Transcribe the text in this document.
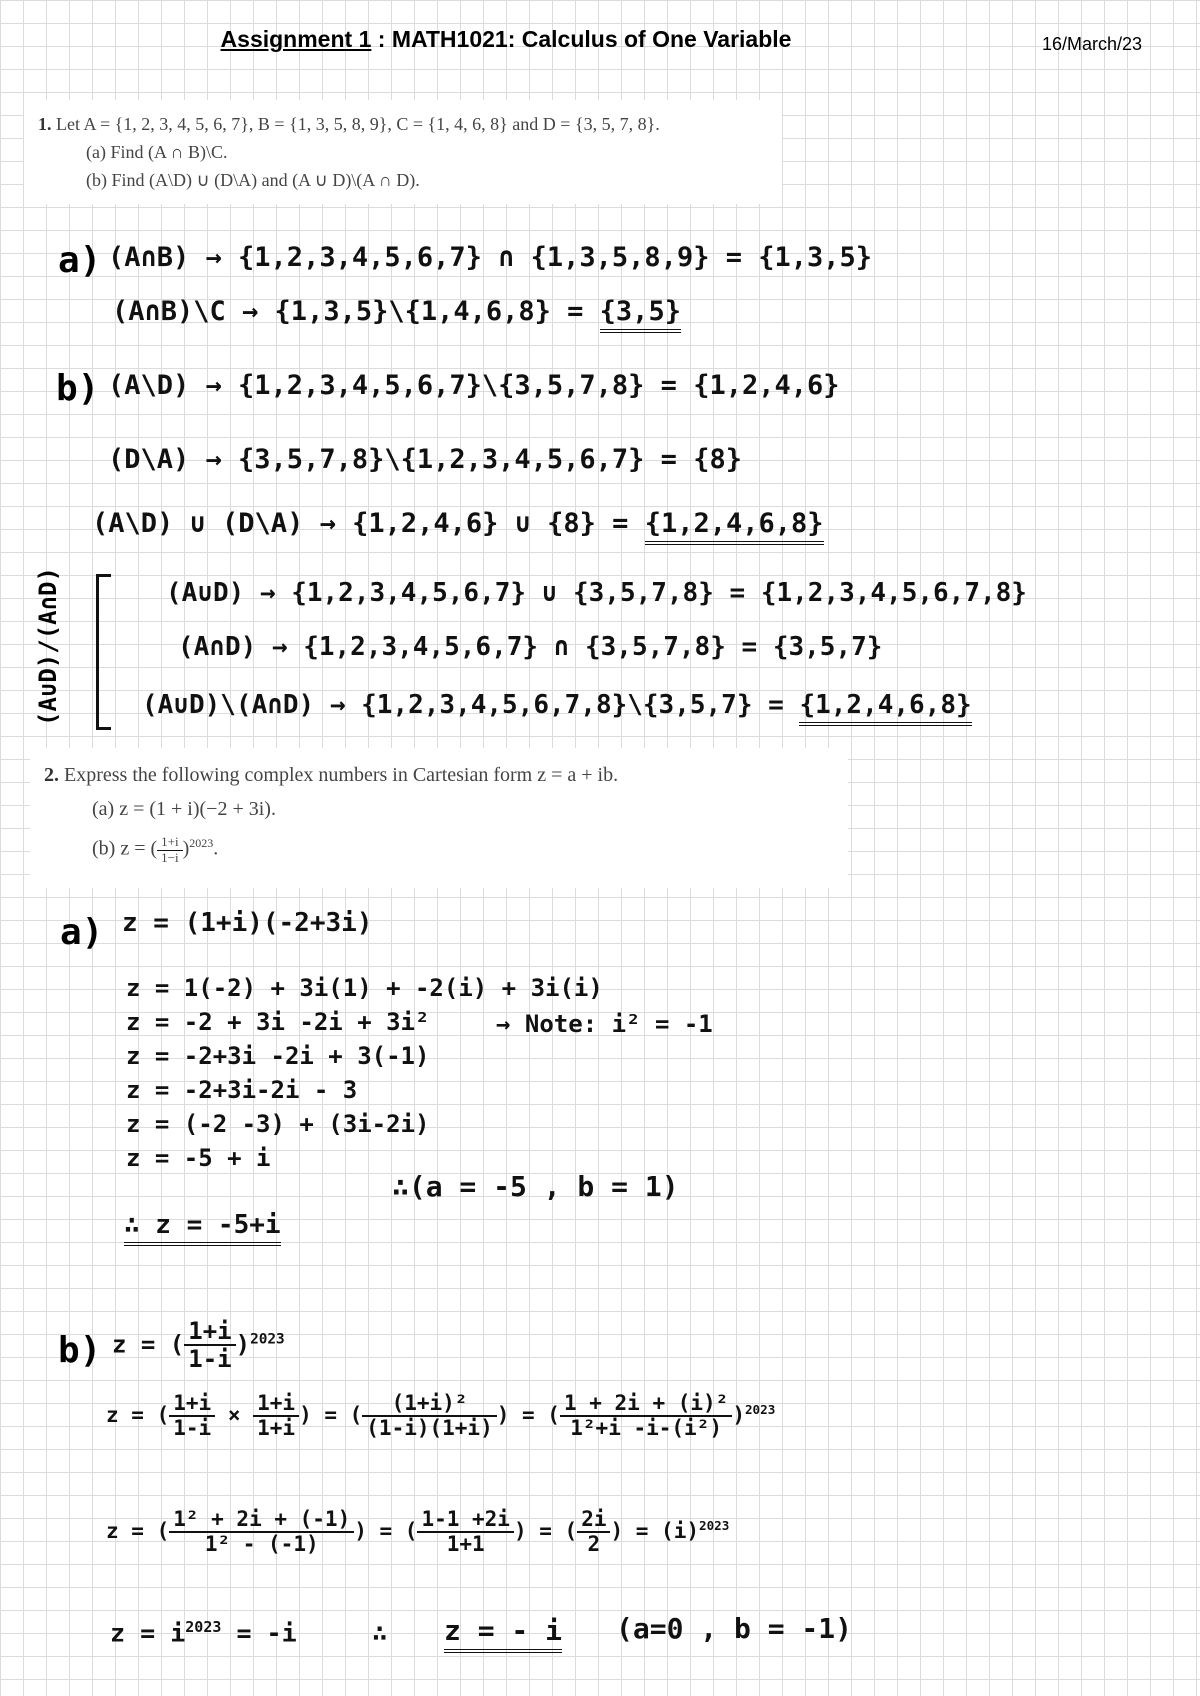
Assignment 1 : MATH1021: Calculus of One Variable	16/March/23
1. Let A = {1, 2, 3, 4, 5, 6, 7}, B = {1, 3, 5, 8, 9}, C = {1, 4, 6, 8} and D = {3, 5, 7, 8}.
(a) Find (A ∩ B)\C.
(b) Find (A\D) ∪ (D\A) and (A ∪ D)\(A ∩ D).
a) (A∩B) → {1,2,3,4,5,6,7} ∩ {1,3,5,8,9} = {1,3,5}
(A∩B)\C → {1,3,5}\{1,4,6,8} = {3,5}
b) (A\D) → {1,2,3,4,5,6,7}\{3,5,7,8} = {1,2,4,6}
(D\A) → {3,5,7,8}\{1,2,3,4,5,6,7} = {8}
(A\D) ∪ (D\A) → {1,2,4,6} ∪ {8} = {1,2,4,6,8}
(A∪D)/(A∩D)	(A∪D) → {1,2,3,4,5,6,7} ∪ {3,5,7,8} = {1,2,3,4,5,6,7,8}
(A∩D) → {1,2,3,4,5,6,7} ∩ {3,5,7,8} = {3,5,7}
(A∪D)\(A∩D) → {1,2,3,4,5,6,7,8}\{3,5,7} = {1,2,4,6,8}
2. Express the following complex numbers in Cartesian form z = a + ib.
(a) z = (1 + i)(−2 + 3i).
(b) z = ( $\frac{1+i}{1-i} )^{2023}$.
a) z = (1+i)(-2+3i)
z = 1(-2) + 3i(1) + -2(i) + 3i(i)
z = -2 + 3i -2i + 3i²	→ Note: i² = -1
z = -2+3i -2i + 3(-1)
z = -2+3i-2i - 3
z = (-2 -3) + (3i-2i)
z = -5 + i
∴(a = -5 , b = 1)
∴ z = -5+i
b) z = ( $\frac{1+i}{1-i} )^{2023}$
z = ( $\frac{1+i}{1-i} \times \frac{1+i}{1+i}$ ) = ( $\frac{\text{(1+i)²}}{(1-i)(1+i)}$ ) = ( $\frac{\text{1 + 2i + (i)²}}{\text{1²+i -i-(i²)}} )^{2023}$
z = ( $\frac{\text{1² + 2i + (-1)}}{\text{1² - (-1)}}$ ) = ( $\frac{1-1 +2i}{1+1}$ ) = ( $\frac{2i}{2}$ ) = $(i)^{2023}$
$z = i^{2023} = -i$	∴ z = - i (a=0 , b = -1)
